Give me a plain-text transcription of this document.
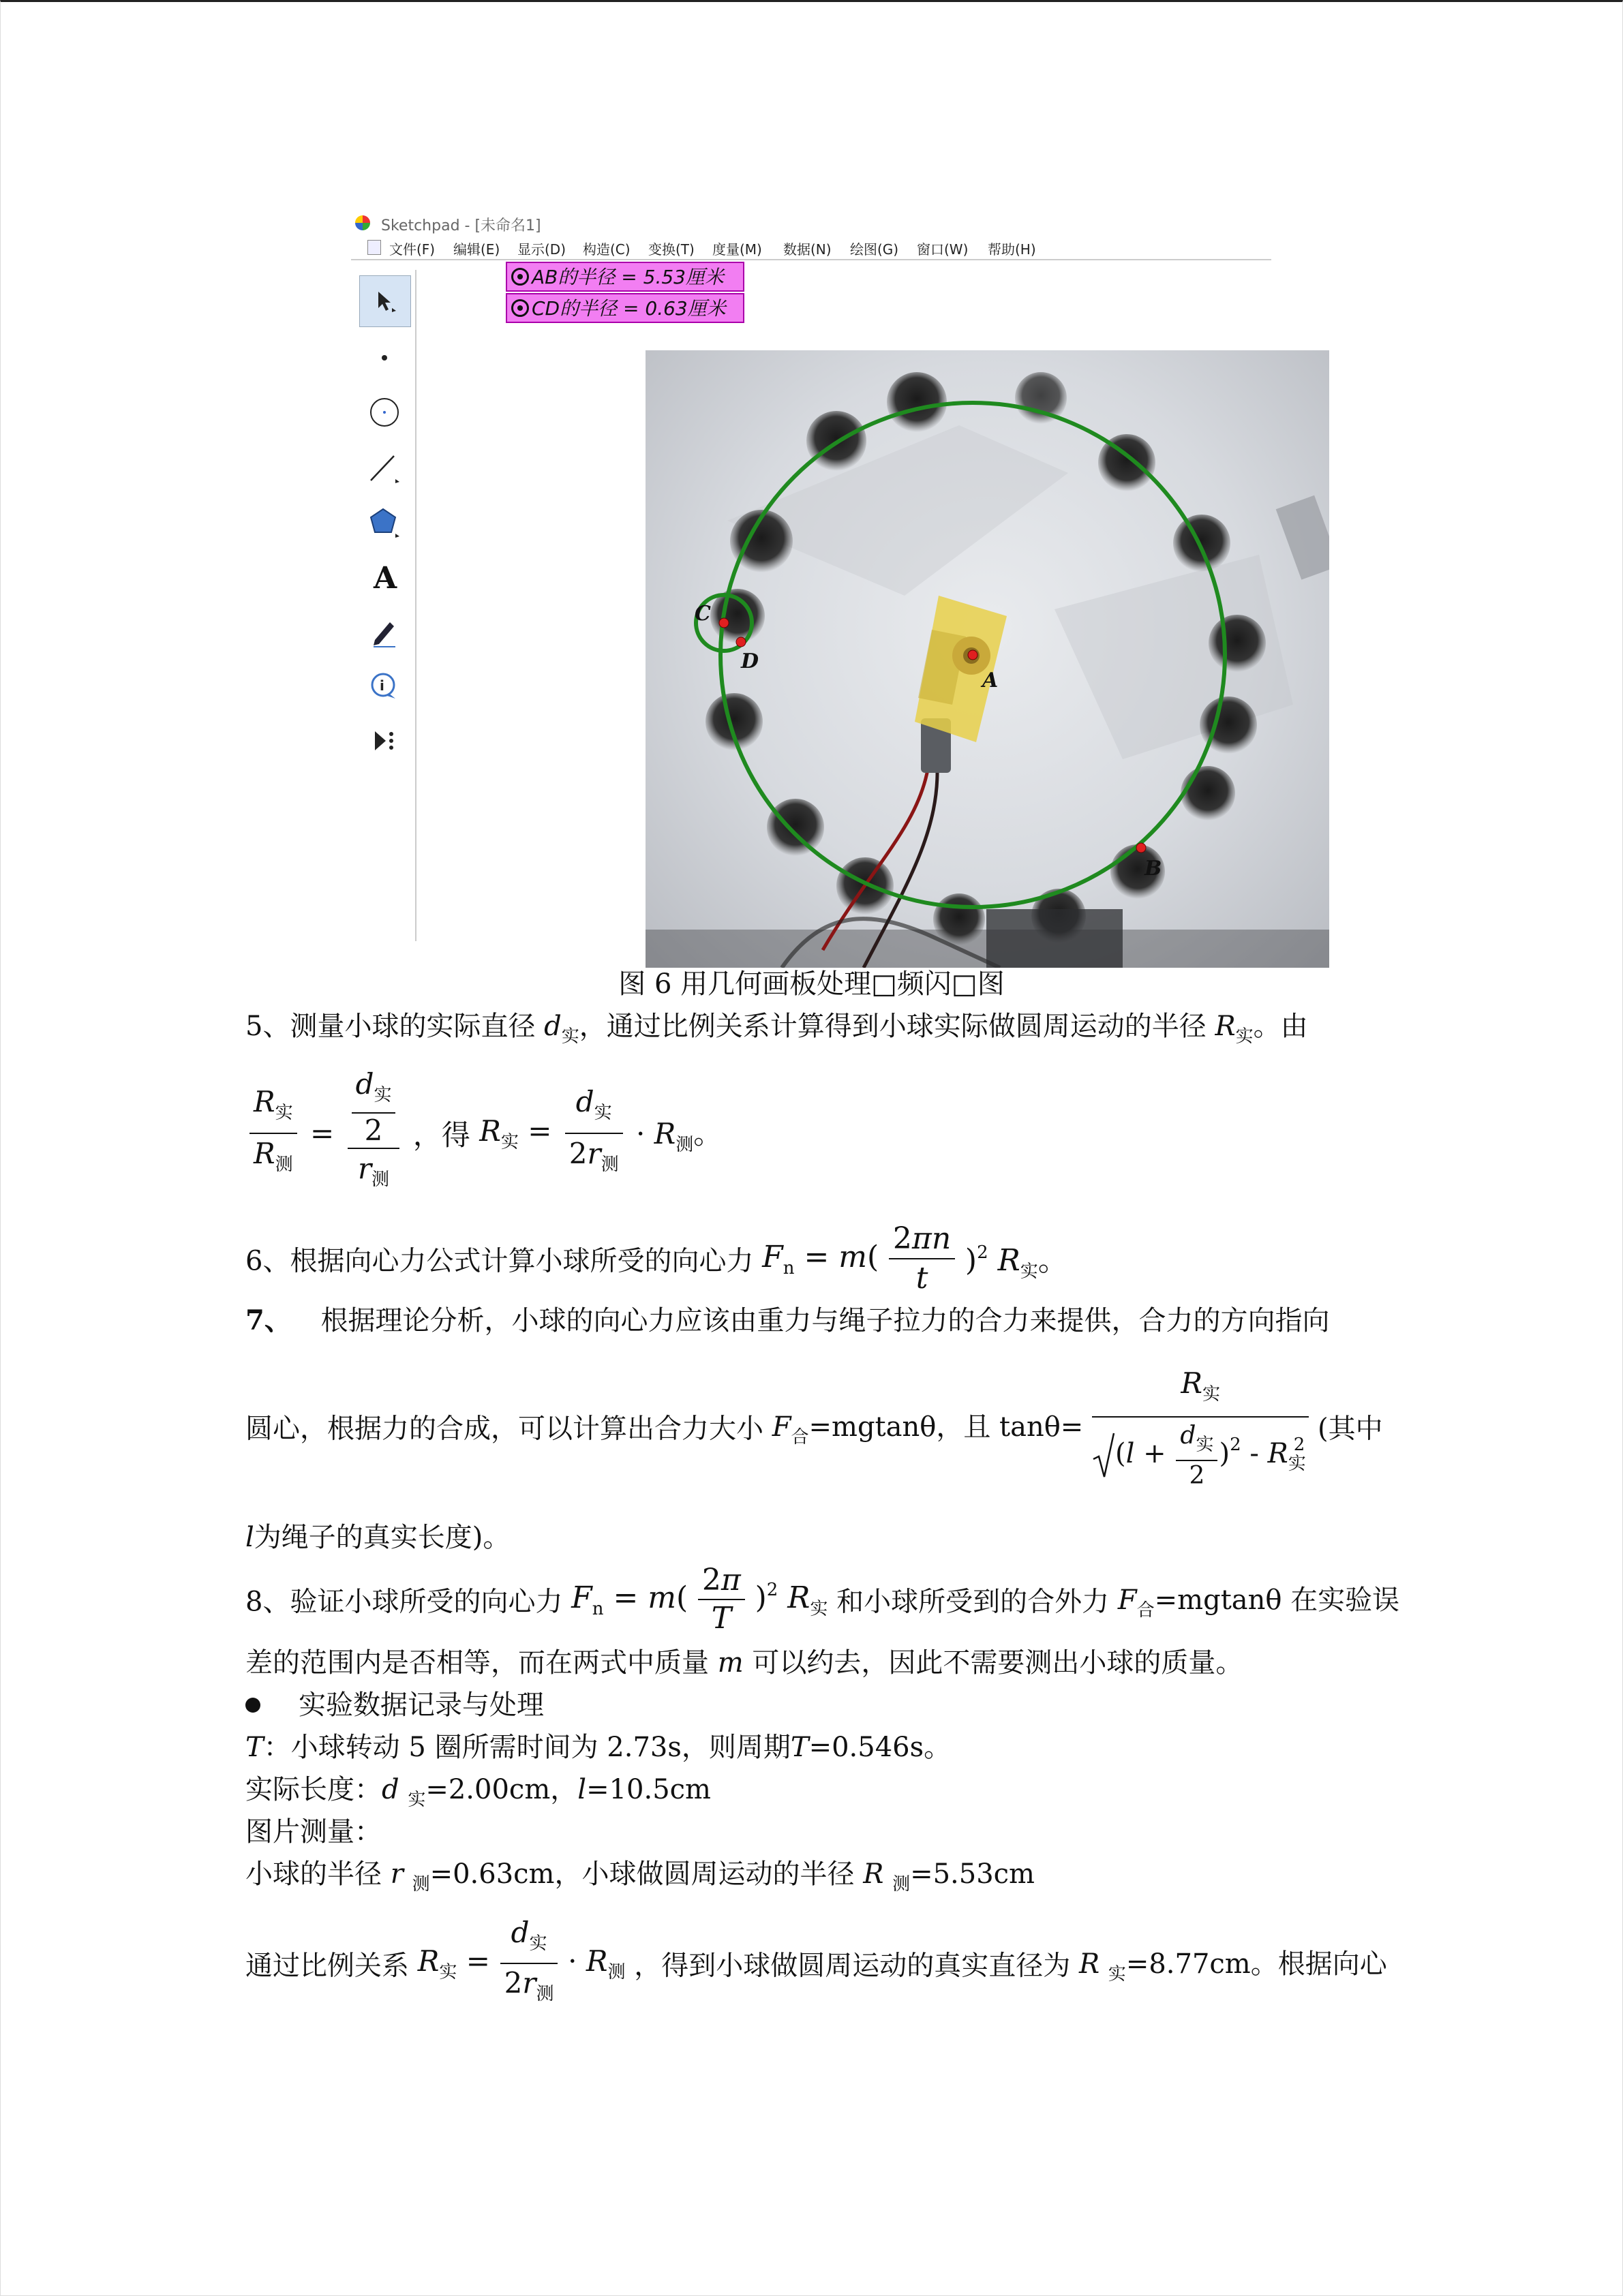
Sketchpad - [未命名1]
文件(F) 编辑(E) 显示(D) 构造(C) 变换(T) 度量(M) 数据(N) 绘图(G) 窗口(W) 帮助(H)
A
i
AB的半径 = 5.53厘米
CD的半径 = 0.63厘米
A
B
C
D
图 6 用几何画板处理□频闪□图
5、测量小球的实际直径 $d_实$，通过比例关系计算得到小球实际做圆周运动的半径 $R_实$。由
$\frac{R_实}{R_测} = \frac{\frac{d_实}{2}}{r_测}$ ，得 $R_实 = \frac{d_实}{2r_测} \cdot R_测$。
6、根据向心力公式计算小球所受的向心力 $F_n = m( \frac{2\pi n}{t} )^2$ $R_实$。
7、 根据理论分析，小球的向心力应该由重力与绳子拉力的合力来提供，合力的方向指向
圆心，根据力的合成，可以计算出合力大小 $F_合=mgtan\theta$，且 $\tan\theta= \frac{R_实}{(l + \frac{d_实}{2} )^2 - R_实^2}$ (其中
l为绳子的真实长度)。
8、验证小球所受的向心力 $F_n = m( \frac{2\pi}{T} )^2$ $R_实$ 和小球所受到的合外力 $F_合=mgtan\theta$ 在实验误
差的范围内是否相等，而在两式中质量 m 可以约去，因此不需要测出小球的质量。
实验数据记录与处理
T：小球转动 5 圈所需时间为 2.73s，则周期T=0.546s。
实际长度：d $_实$=2.00cm，l=10.5cm
图片测量：
小球的半径 r $_测$=0.63cm，小球做圆周运动的半径 R $_测$=5.53cm
通过比例关系 $R_实 = \frac{d_实}{2r_测} \cdot R_测$ ，得到小球做圆周运动的真实直径为 R $_实$=8.77cm。根据向心
